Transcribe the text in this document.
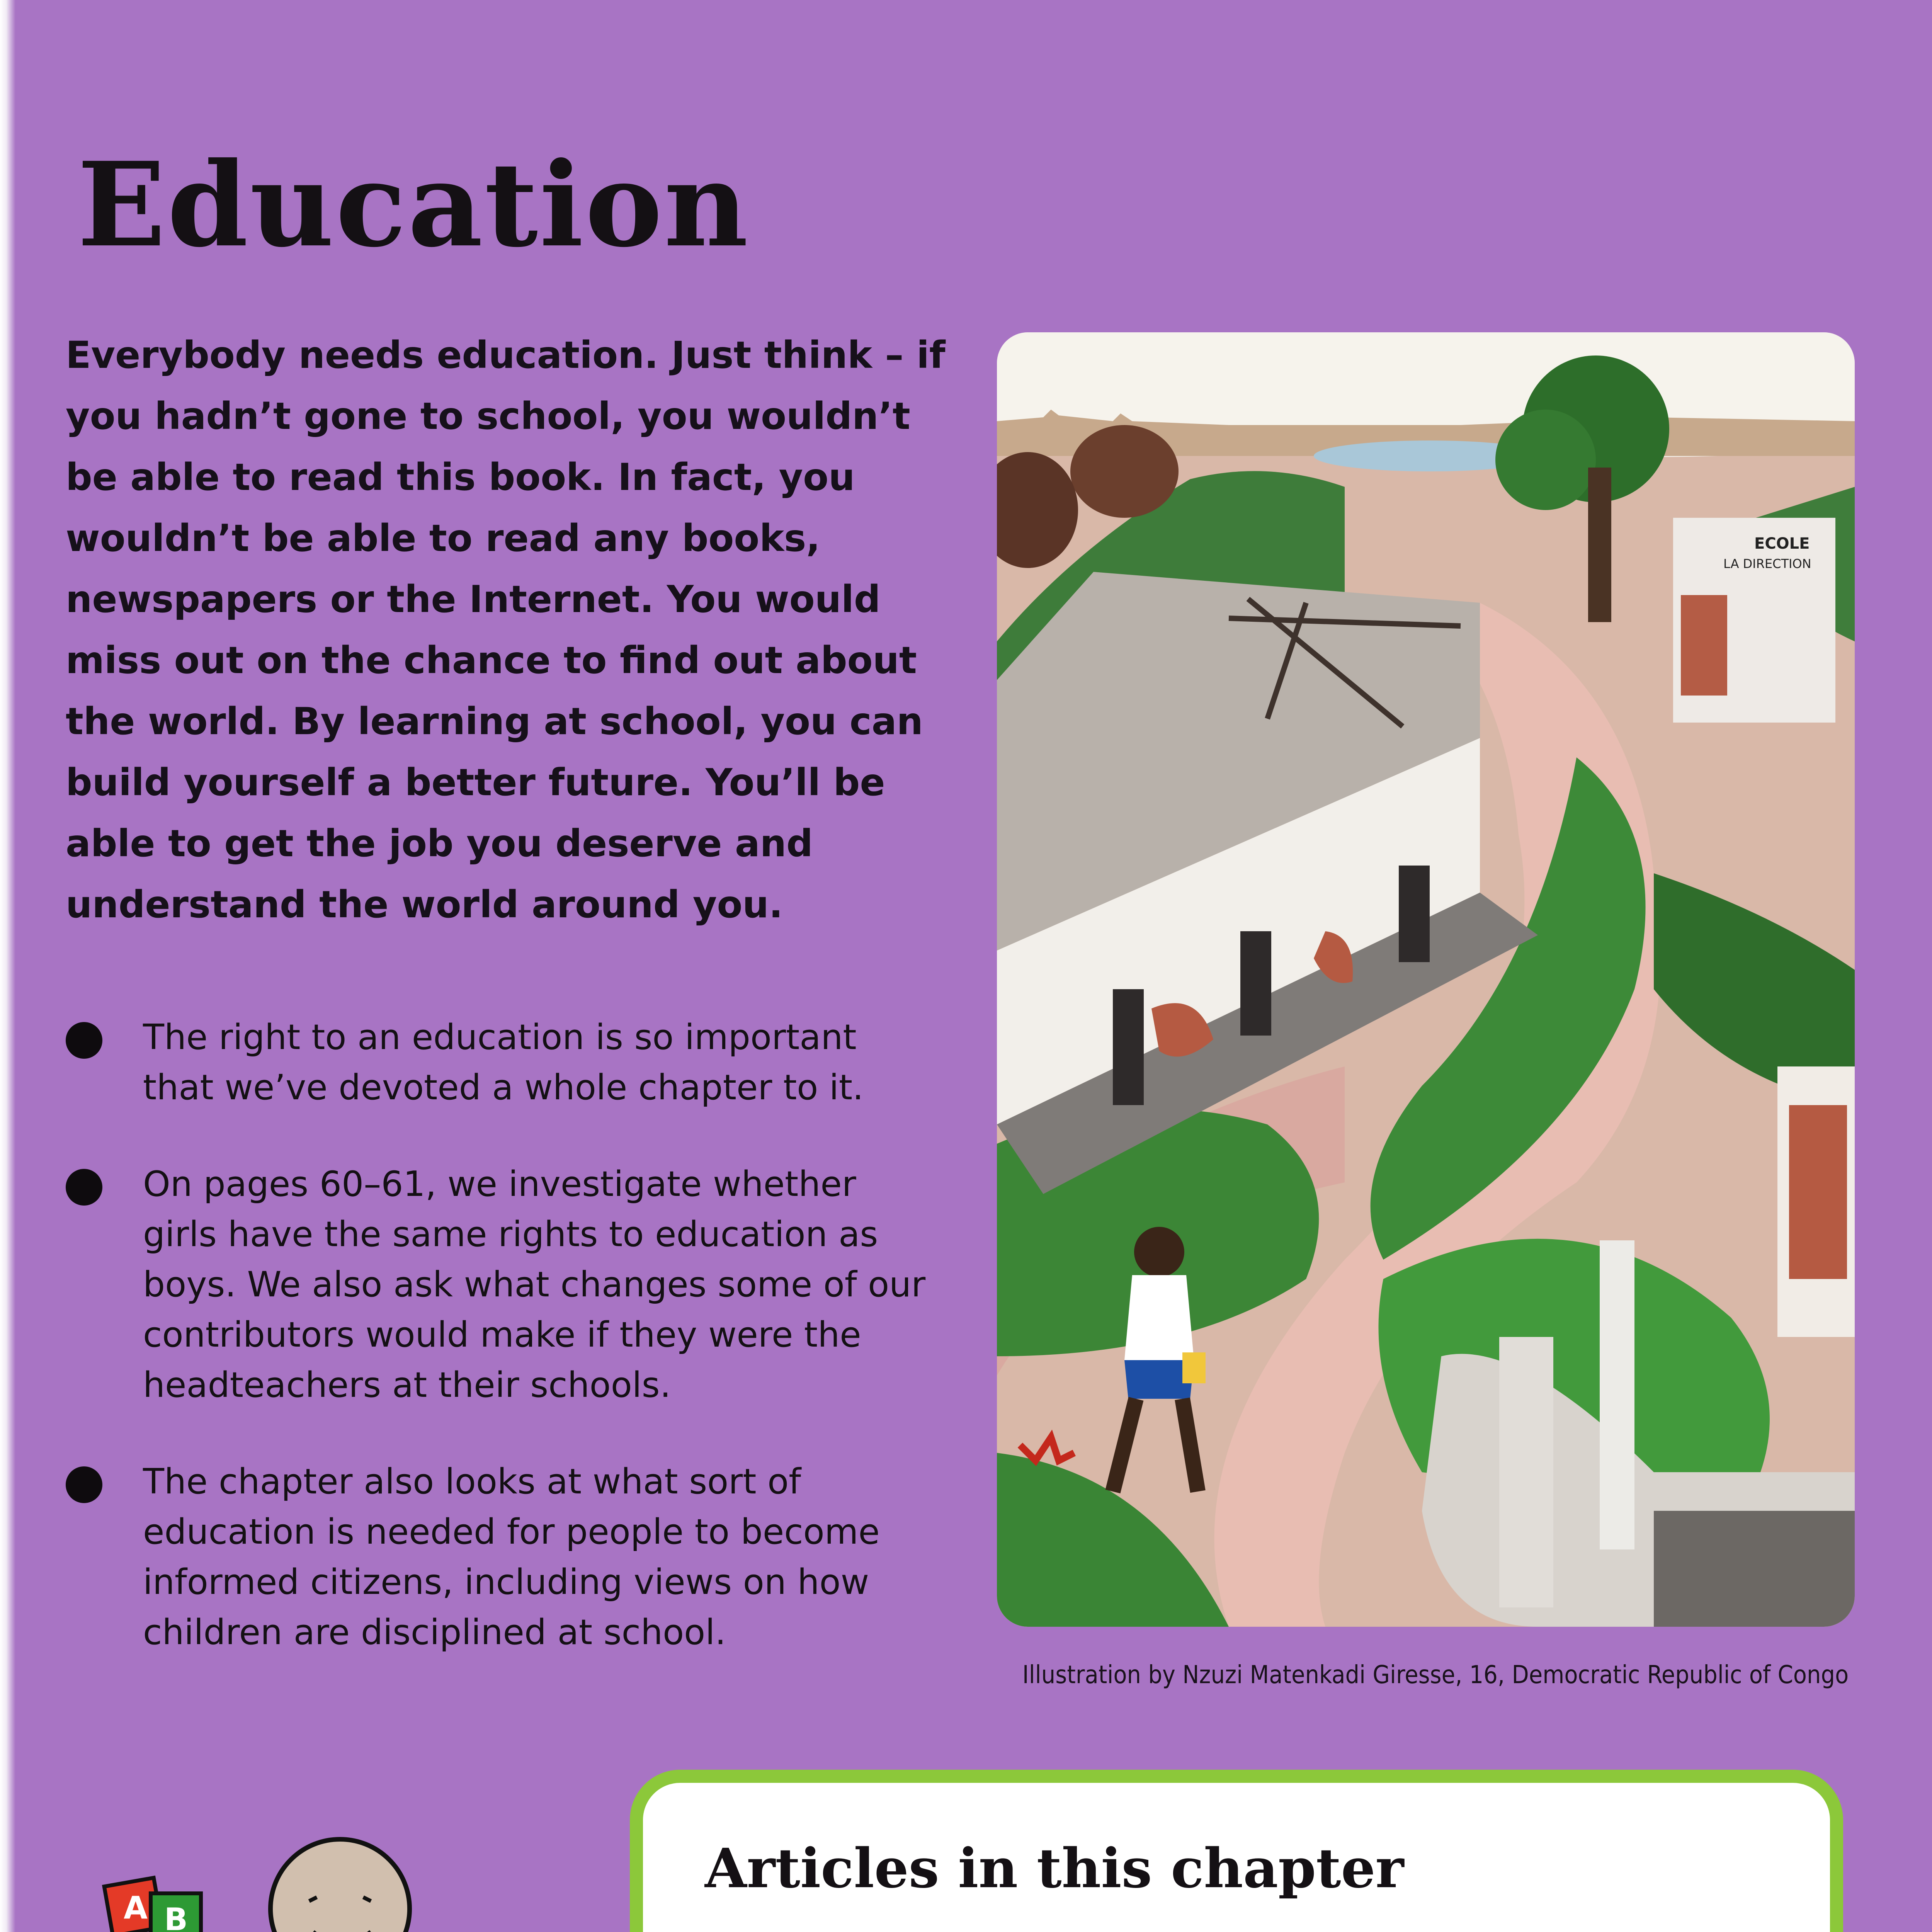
Education

Everybody needs education. Just think – if you hadn’t gone to school, you wouldn’t be able to read this book. In fact, you wouldn’t be able to read any books, newspapers or the Internet. You would miss out on the chance to find out about the world. By learning at school, you can build yourself a better future. You’ll be able to get the job you deserve and understand the world around you.

The right to an education is so important that we’ve devoted a whole chapter to it.
On pages 60–61, we investigate whether girls have the same rights to education as boys. We also ask what changes some of our contributors would make if they were the headteachers at their schools.
The chapter also looks at what sort of education is needed for people to become informed citizens, including views on how children are disciplined at school.
ECOLE
LA DIRECTION
Illustration by Nzuzi Matenkadi Giresse, 16, Democratic Republic of Congo
A B
Articles in this chapter
